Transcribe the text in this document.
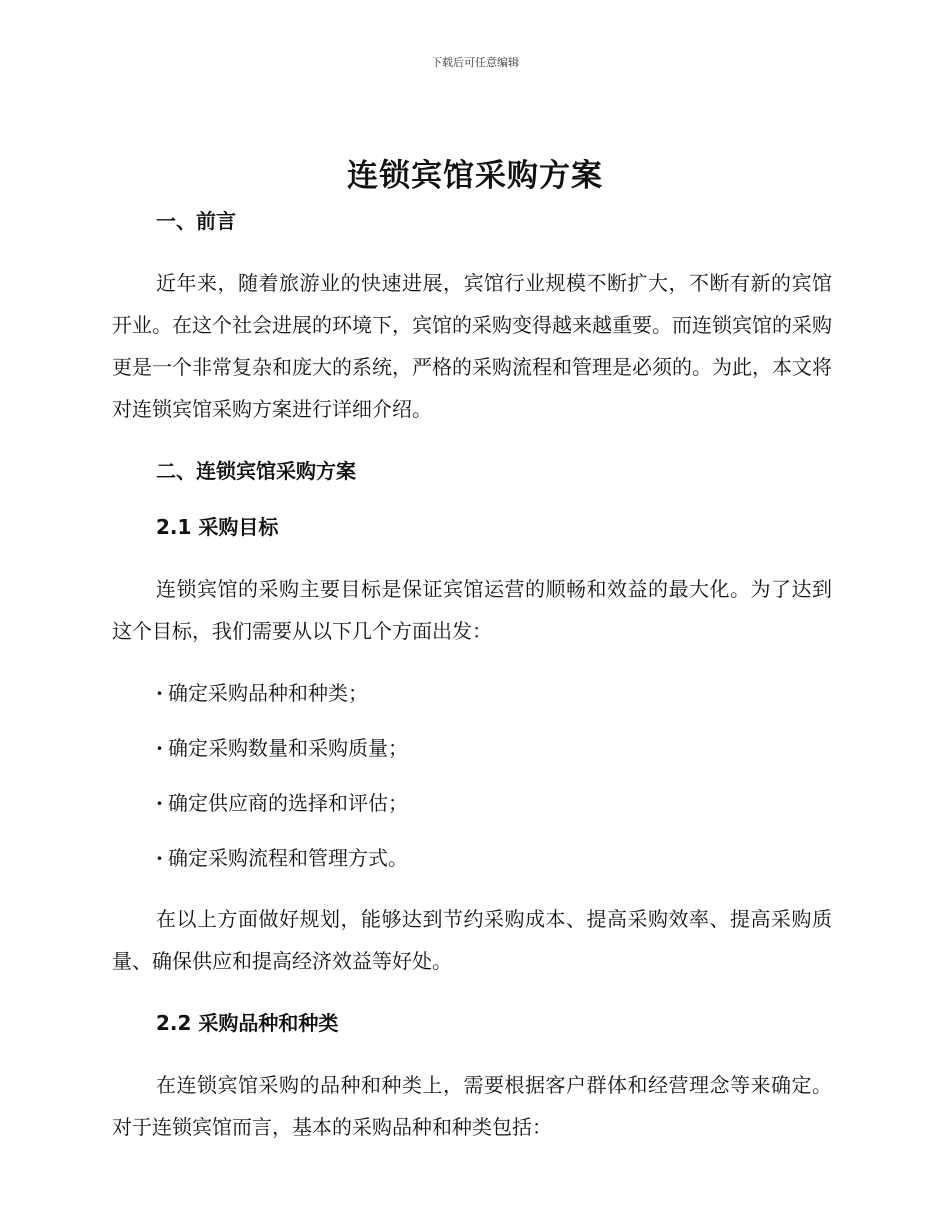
下载后可任意编辑
连锁宾馆采购方案
一、前言

近年来，随着旅游业的快速进展，宾馆行业规模不断扩大，不断有新的宾馆开业。在这个社会进展的环境下，宾馆的采购变得越来越重要。而连锁宾馆的采购更是一个非常复杂和庞大的系统，严格的采购流程和管理是必须的。为此，本文将对连锁宾馆采购方案进行详细介绍。

二、连锁宾馆采购方案
2.1 采购目标

连锁宾馆的采购主要目标是保证宾馆运营的顺畅和效益的最大化。为了达到这个目标，我们需要从以下几个方面出发：

· 确定采购品种和种类；
· 确定采购数量和采购质量；
· 确定供应商的选择和评估；
· 确定采购流程和管理方式。

在以上方面做好规划，能够达到节约采购成本、提高采购效率、提高采购质量、确保供应和提高经济效益等好处。

2.2 采购品种和种类

在连锁宾馆采购的品种和种类上，需要根据客户群体和经营理念等来确定。对于连锁宾馆而言，基本的采购品种和种类包括：
